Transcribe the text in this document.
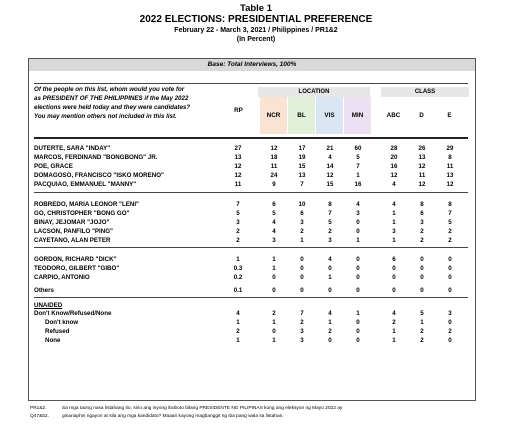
Table 1
2022 ELECTIONS: PRESIDENTIAL PREFERENCE
February 22 - March 3, 2021 / Philippines / PR1&2
(In Percent)
Base: Total Interviews, 100%
Of the people on this list, whom would you vote for
as PRESIDENT OF THE PHILIPPINES if the May 2022
elections were held today and they were candidates?
You may mention others not included in this list.
RP
LOCATION	CLASS
NCR	BL	VIS	MIN	ABC	D	E
DUTERTE, SARA "INDAY"	27	12	17	21	60	28	26	29
MARCOS, FERDINAND "BONGBONG" JR.	13	18	19	4	5	20	13	8
POE, GRACE	12	11	15	14	7	16	12	11
DOMAGOSO, FRANCISCO "ISKO MORENO"	12	24	13	12	1	12	11	13
PACQUIAO, EMMANUEL "MANNY"	11	9	7	15	16	4	12	12
ROBREDO, MARIA LEONOR "LENI"	7	6	10	8	4	4	8	8
GO, CHRISTOPHER "BONG GO"	5	5	6	7	3	1	6	7
BINAY, JEJOMAR "JOJO"	3	4	3	5	0	1	3	5
LACSON, PANFILO "PING"	2	4	2	2	0	3	2	2
CAYETANO, ALAN PETER	2	3	1	3	1	1	2	2
GORDON, RICHARD "DICK"	1	1	0	4	0	6	0	0
TEODORO, GILBERT "GIBO"	0.3	1	0	0	0	0	0	0
CARPIO, ANTONIO	0.2	0	0	1	0	0	0	0
Others	0.1	0	0	0	0	0	0	0
UNAIDED
Don't Know/Refused/None	4	2	7	4	1	4	5	3
Don't know	1	1	2	1	0	2	1	0
Refused	2	0	3	2	0	1	2	2
None	1	1	3	0	0	1	2	0
PR1&2.	Sa mga taong nasa listahang ito, sino ang inyong iboboto bilang PRESIDENTE NG PILIPINAS kung ang eleksyon ng Mayo 2022 ay
Q47&52.	ginanaphin ngayon at sila ang mga kandidato? Maaari kayong magbanggit ng iba pang wala sa listahan.
